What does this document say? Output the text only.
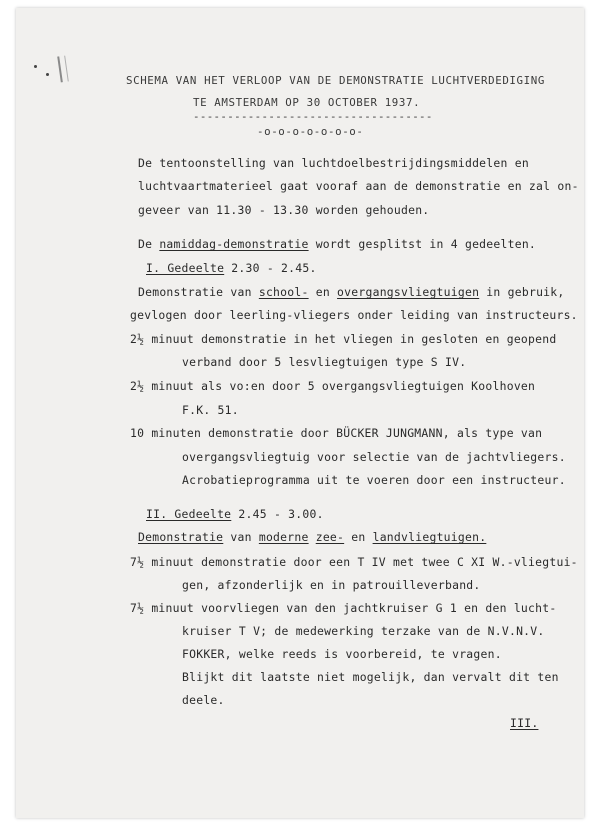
SCHEMA VAN HET VERLOOP VAN DE DEMONSTRATIE LUCHTVERDEDIGING
TE AMSTERDAM OP 30 OCTOBER 1937.
-----------------------------------
-o-o-o-o-o-o-o-
De tentoonstelling van luchtdoelbestrijdingsmiddelen en
luchtvaartmaterieel gaat vooraf aan de demonstratie en zal on-
geveer van 11.30 - 13.30 worden gehouden.
De namiddag-demonstratie wordt gesplitst in 4 gedeelten.
I. Gedeelte 2.30 - 2.45.
Demonstratie van school- en overgangsvliegtuigen in gebruik,
gevlogen door leerling-vliegers onder leiding van instructeurs.
2½ minuut demonstratie in het vliegen in gesloten en geopend
verband door 5 lesvliegtuigen type S IV.
2½ minuut als vo:en door 5 overgangsvliegtuigen Koolhoven
F.K. 51.
10 minuten demonstratie door BÜCKER JUNGMANN, als type van
overgangsvliegtuig voor selectie van de jachtvliegers.
Acrobatieprogramma uit te voeren door een instructeur.
II. Gedeelte 2.45 - 3.00.
Demonstratie van moderne zee- en landvliegtuigen.
7½ minuut demonstratie door een T IV met twee C XI W.-vliegtui-
gen, afzonderlijk en in patrouilleverband.
7½ minuut voorvliegen van den jachtkruiser G 1 en den lucht-
kruiser T V; de medewerking terzake van de N.V.N.V.
FOKKER, welke reeds is voorbereid, te vragen.
Blijkt dit laatste niet mogelijk, dan vervalt dit ten
deele.
III.
